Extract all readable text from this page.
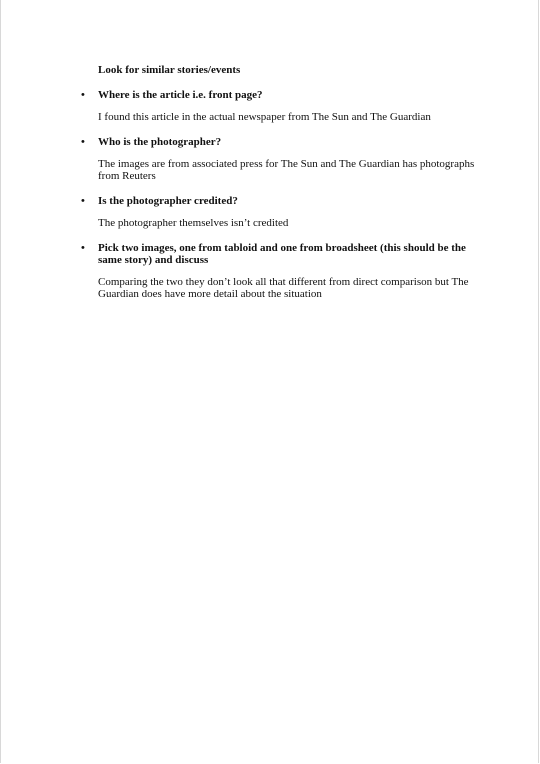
Look for similar stories/events
• Where is the article i.e. front page?
I found this article in the actual newspaper from The Sun and The Guardian
• Who is the photographer?
The images are from associated press for The Sun and The Guardian has photographs from Reuters
• Is the photographer credited?
The photographer themselves isn’t credited
• Pick two images, one from tabloid and one from broadsheet (this should be the same story) and discuss
Comparing the two they don’t look all that different from direct comparison but The Guardian does have more detail about the situation
